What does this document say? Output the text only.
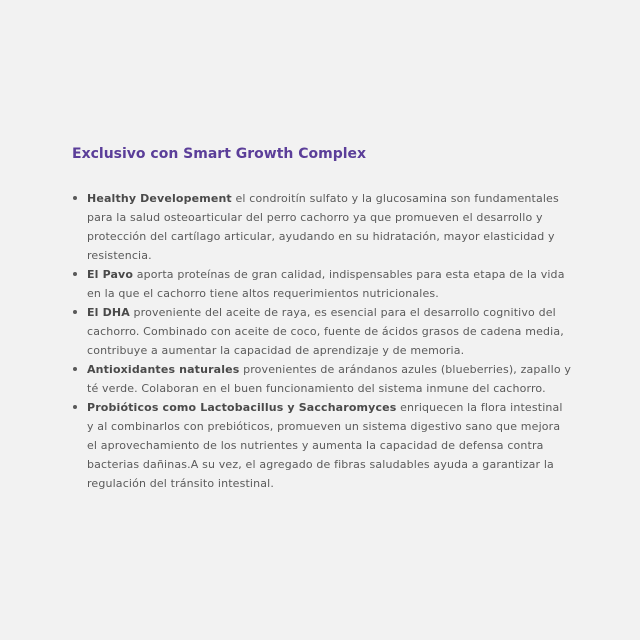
Exclusivo con Smart Growth Complex
Healthy Developement el condroitín sulfato y la glucosamina son fundamentales para la salud osteoarticular del perro cachorro ya que promueven el desarrollo y protección del cartílago articular, ayudando en su hidratación, mayor elasticidad y resistencia.
El Pavo aporta proteínas de gran calidad, indispensables para esta etapa de la vida en la que el cachorro tiene altos requerimientos nutricionales.
El DHA proveniente del aceite de raya, es esencial para el desarrollo cognitivo del cachorro. Combinado con aceite de coco, fuente de ácidos grasos de cadena media, contribuye a aumentar la capacidad de aprendizaje y de memoria.
Antioxidantes naturales provenientes de arándanos azules (blueberries), zapallo y té verde. Colaboran en el buen funcionamiento del sistema inmune del cachorro.
Probióticos como Lactobacillus y Saccharomyces enriquecen la flora intestinal y al combinarlos con prebióticos, promueven un sistema digestivo sano que mejora el aprovechamiento de los nutrientes y aumenta la capacidad de defensa contra bacterias dañinas.A su vez, el agregado de fibras saludables ayuda a garantizar la regulación del tránsito intestinal.
